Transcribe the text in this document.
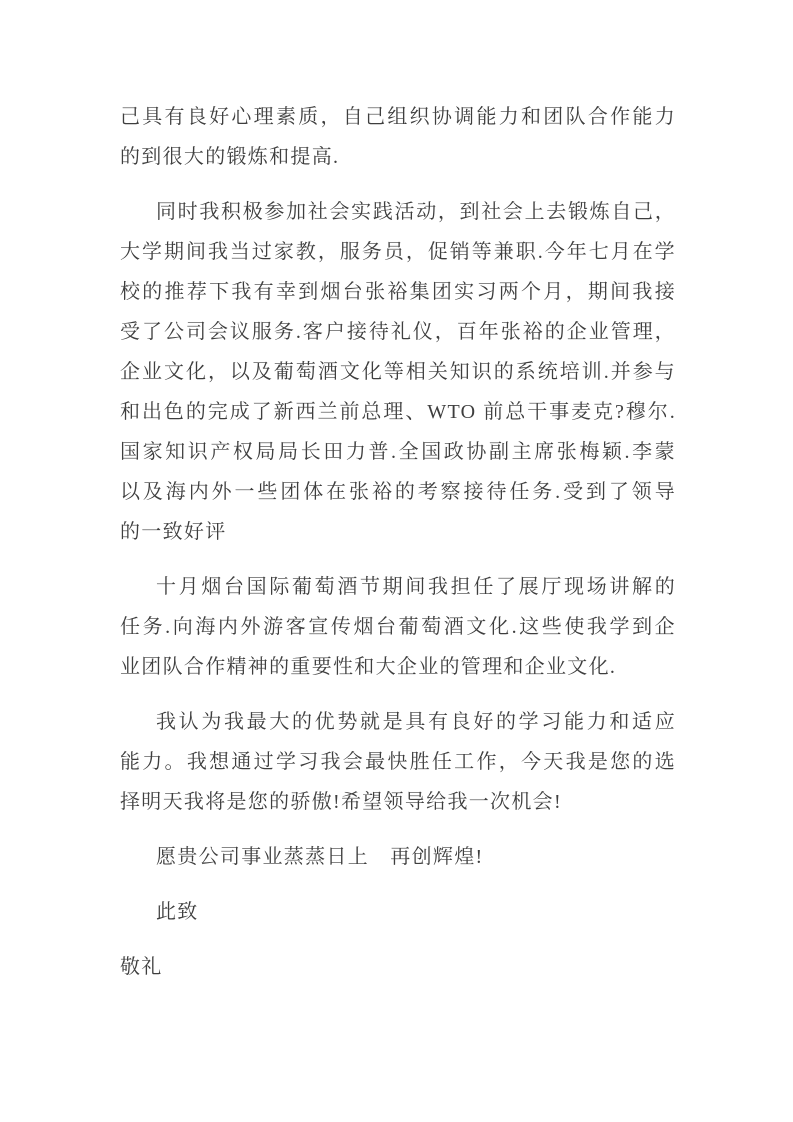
己具有良好心理素质，自己组织协调能力和团队合作能力
的到很大的锻炼和提高.
同时我积极参加社会实践活动，到社会上去锻炼自己，
大学期间我当过家教，服务员，促销等兼职.今年七月在学
校的推荐下我有幸到烟台张裕集团实习两个月，期间我接
受了公司会议服务.客户接待礼仪，百年张裕的企业管理，
企业文化，以及葡萄酒文化等相关知识的系统培训.并参与
和出色的完成了新西兰前总理、WTO 前总干事麦克?穆尔.
国家知识产权局局长田力普.全国政协副主席张梅颖.李蒙
以及海内外一些团体在张裕的考察接待任务.受到了领导
的一致好评
十月烟台国际葡萄酒节期间我担任了展厅现场讲解的
任务.向海内外游客宣传烟台葡萄酒文化.这些使我学到企
业团队合作精神的重要性和大企业的管理和企业文化.
我认为我最大的优势就是具有良好的学习能力和适应
能力。我想通过学习我会最快胜任工作，今天我是您的选
择明天我将是您的骄傲!希望领导给我一次机会!
愿贵公司事业蒸蒸日上　再创辉煌!
此致
敬礼
